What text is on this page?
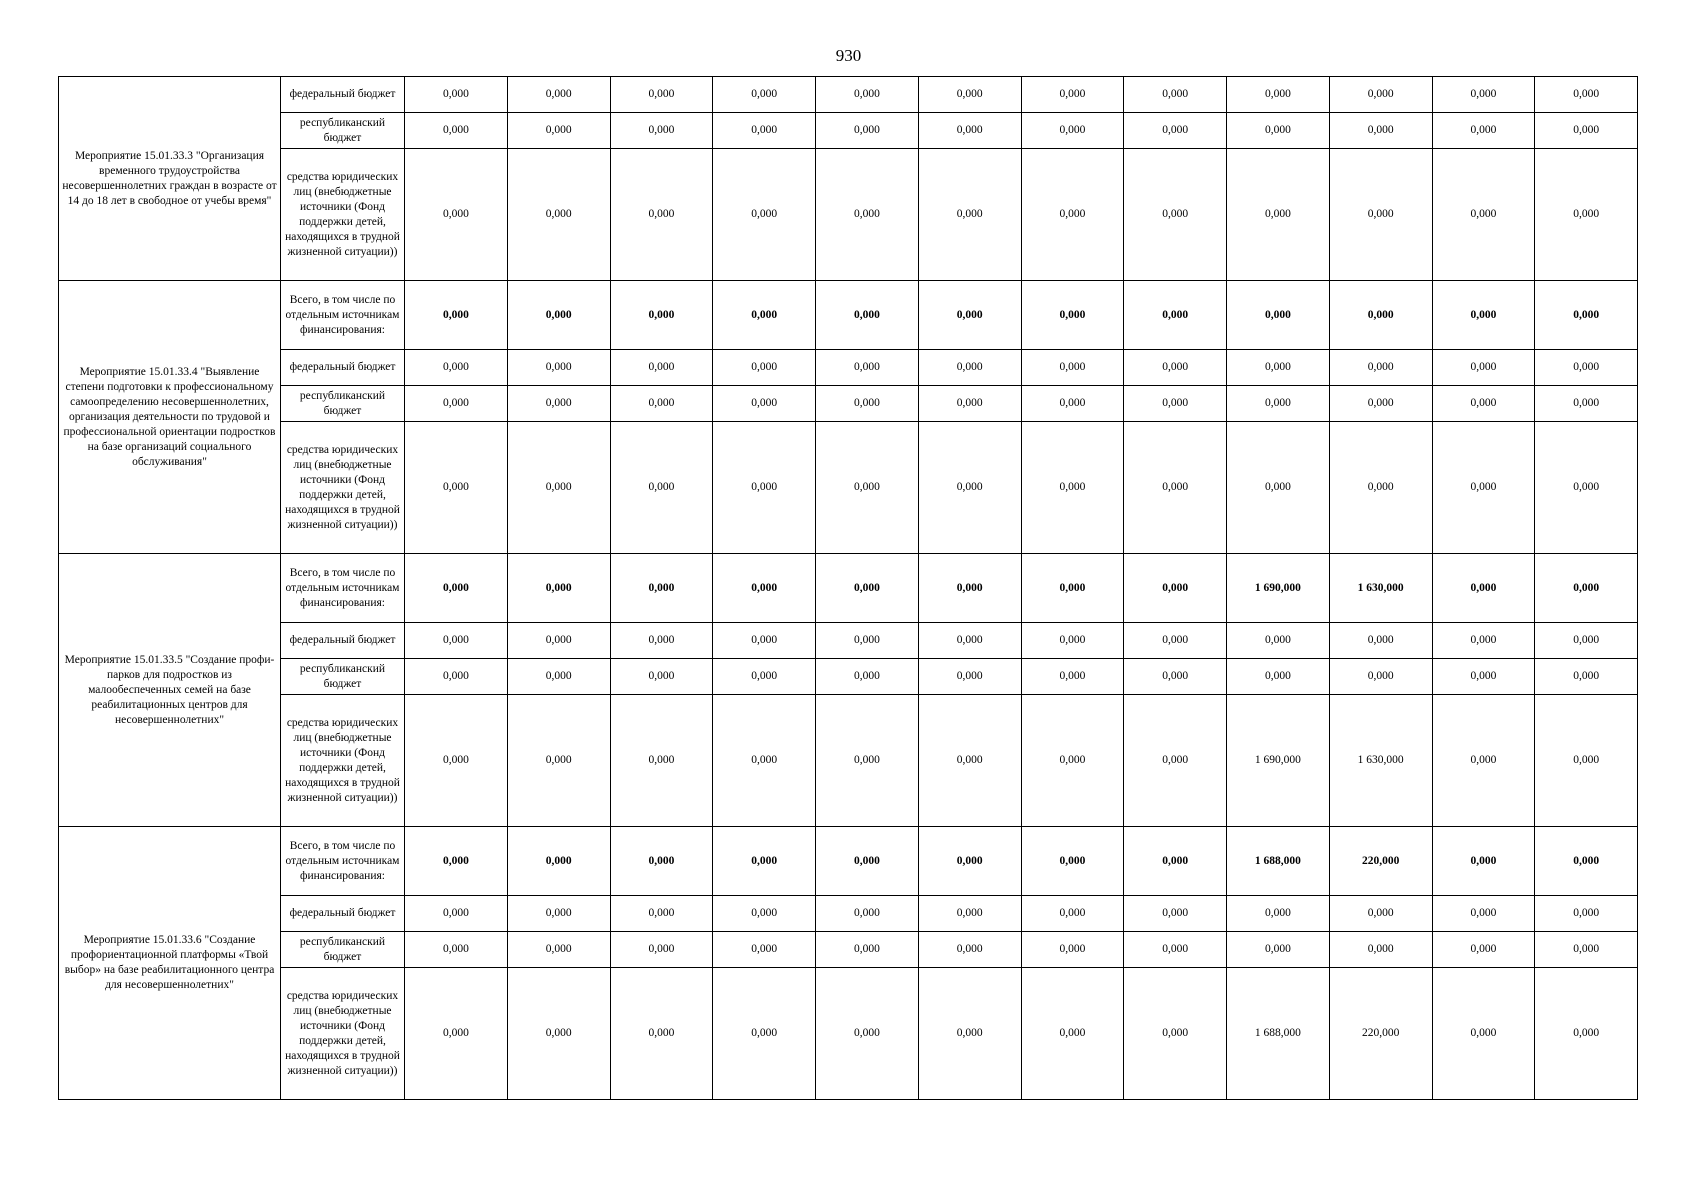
930
Мероприятие 15.01.33.3 "Организация временного трудоустройства несовершеннолетних граждан в возрасте от 14 до 18 лет в свободное от учебы время"	федеральный бюджет	0,000	0,000	0,000	0,000	0,000	0,000	0,000	0,000	0,000	0,000	0,000	0,000
	республиканский бюджет	0,000	0,000	0,000	0,000	0,000	0,000	0,000	0,000	0,000	0,000	0,000	0,000
	средства юридических лиц (внебюджетные источники (Фонд поддержки детей, находящихся в трудной жизненной ситуации))	0,000	0,000	0,000	0,000	0,000	0,000	0,000	0,000	0,000	0,000	0,000	0,000
Мероприятие 15.01.33.4 "Выявление степени подготовки к профессиональному самоопределению несовершеннолетних, организация деятельности по трудовой и профессиональной ориентации подростков на базе организаций социального обслуживания"	Всего, в том числе по отдельным источникам финансирования:	0,000	0,000	0,000	0,000	0,000	0,000	0,000	0,000	0,000	0,000	0,000	0,000
	федеральный бюджет	0,000	0,000	0,000	0,000	0,000	0,000	0,000	0,000	0,000	0,000	0,000	0,000
	республиканский бюджет	0,000	0,000	0,000	0,000	0,000	0,000	0,000	0,000	0,000	0,000	0,000	0,000
	средства юридических лиц (внебюджетные источники (Фонд поддержки детей, находящихся в трудной жизненной ситуации))	0,000	0,000	0,000	0,000	0,000	0,000	0,000	0,000	0,000	0,000	0,000	0,000
Мероприятие 15.01.33.5 "Создание профи-парков для подростков из малообеспеченных семей на базе реабилитационных центров для несовершеннолетних"	Всего, в том числе по отдельным источникам финансирования:	0,000	0,000	0,000	0,000	0,000	0,000	0,000	0,000	1 690,000	1 630,000	0,000	0,000
	федеральный бюджет	0,000	0,000	0,000	0,000	0,000	0,000	0,000	0,000	0,000	0,000	0,000	0,000
	республиканский бюджет	0,000	0,000	0,000	0,000	0,000	0,000	0,000	0,000	0,000	0,000	0,000	0,000
	средства юридических лиц (внебюджетные источники (Фонд поддержки детей, находящихся в трудной жизненной ситуации))	0,000	0,000	0,000	0,000	0,000	0,000	0,000	0,000	1 690,000	1 630,000	0,000	0,000
Мероприятие 15.01.33.6 "Создание профориентационной платформы «Твой выбор» на базе реабилитационного центра для несовершеннолетних"	Всего, в том числе по отдельным источникам финансирования:	0,000	0,000	0,000	0,000	0,000	0,000	0,000	0,000	1 688,000	220,000	0,000	0,000
	федеральный бюджет	0,000	0,000	0,000	0,000	0,000	0,000	0,000	0,000	0,000	0,000	0,000	0,000
	республиканский бюджет	0,000	0,000	0,000	0,000	0,000	0,000	0,000	0,000	0,000	0,000	0,000	0,000
	средства юридических лиц (внебюджетные источники (Фонд поддержки детей, находящихся в трудной жизненной ситуации))	0,000	0,000	0,000	0,000	0,000	0,000	0,000	0,000	1 688,000	220,000	0,000	0,000
